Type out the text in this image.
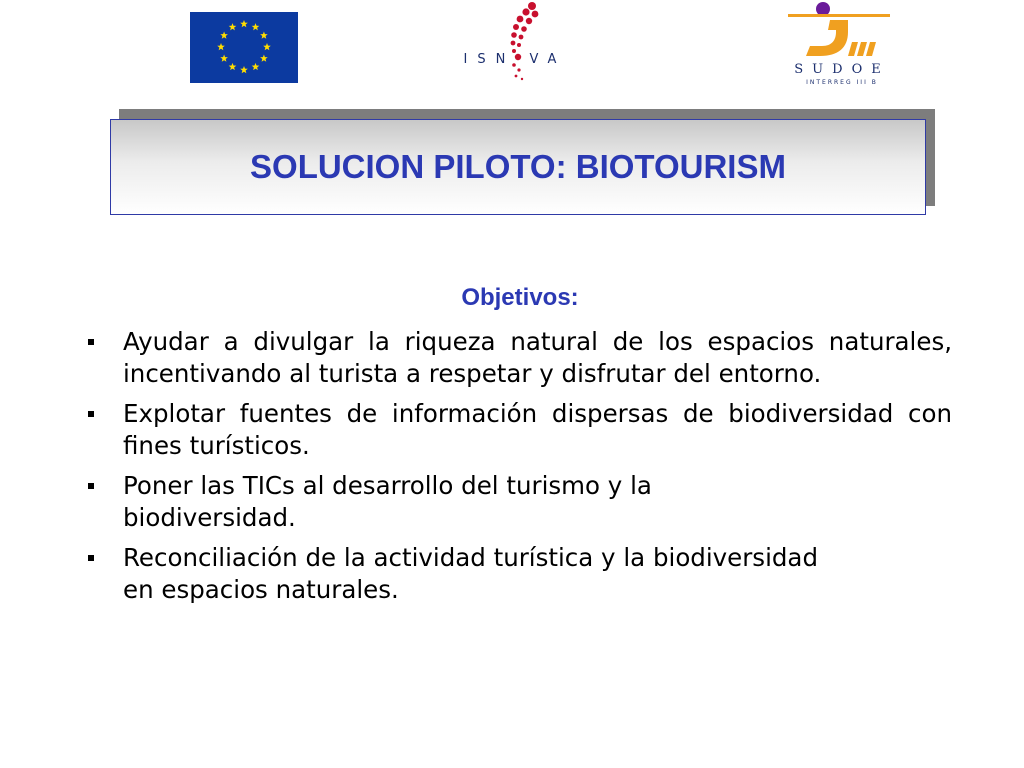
ISN VA
SUDOE
INTERREG III B
SOLUCION PILOTO: BIOTOURISM
Objetivos:
Ayudar a divulgar la riqueza natural de los espacios naturales, incentivando al turista a respetar y disfrutar del entorno.
Explotar fuentes de información dispersas de biodiversidad con fines turísticos.
Poner las TICs al desarrollo del turismo y la biodiversidad.
Reconciliación de la actividad turística y la biodiversidad en espacios naturales.
